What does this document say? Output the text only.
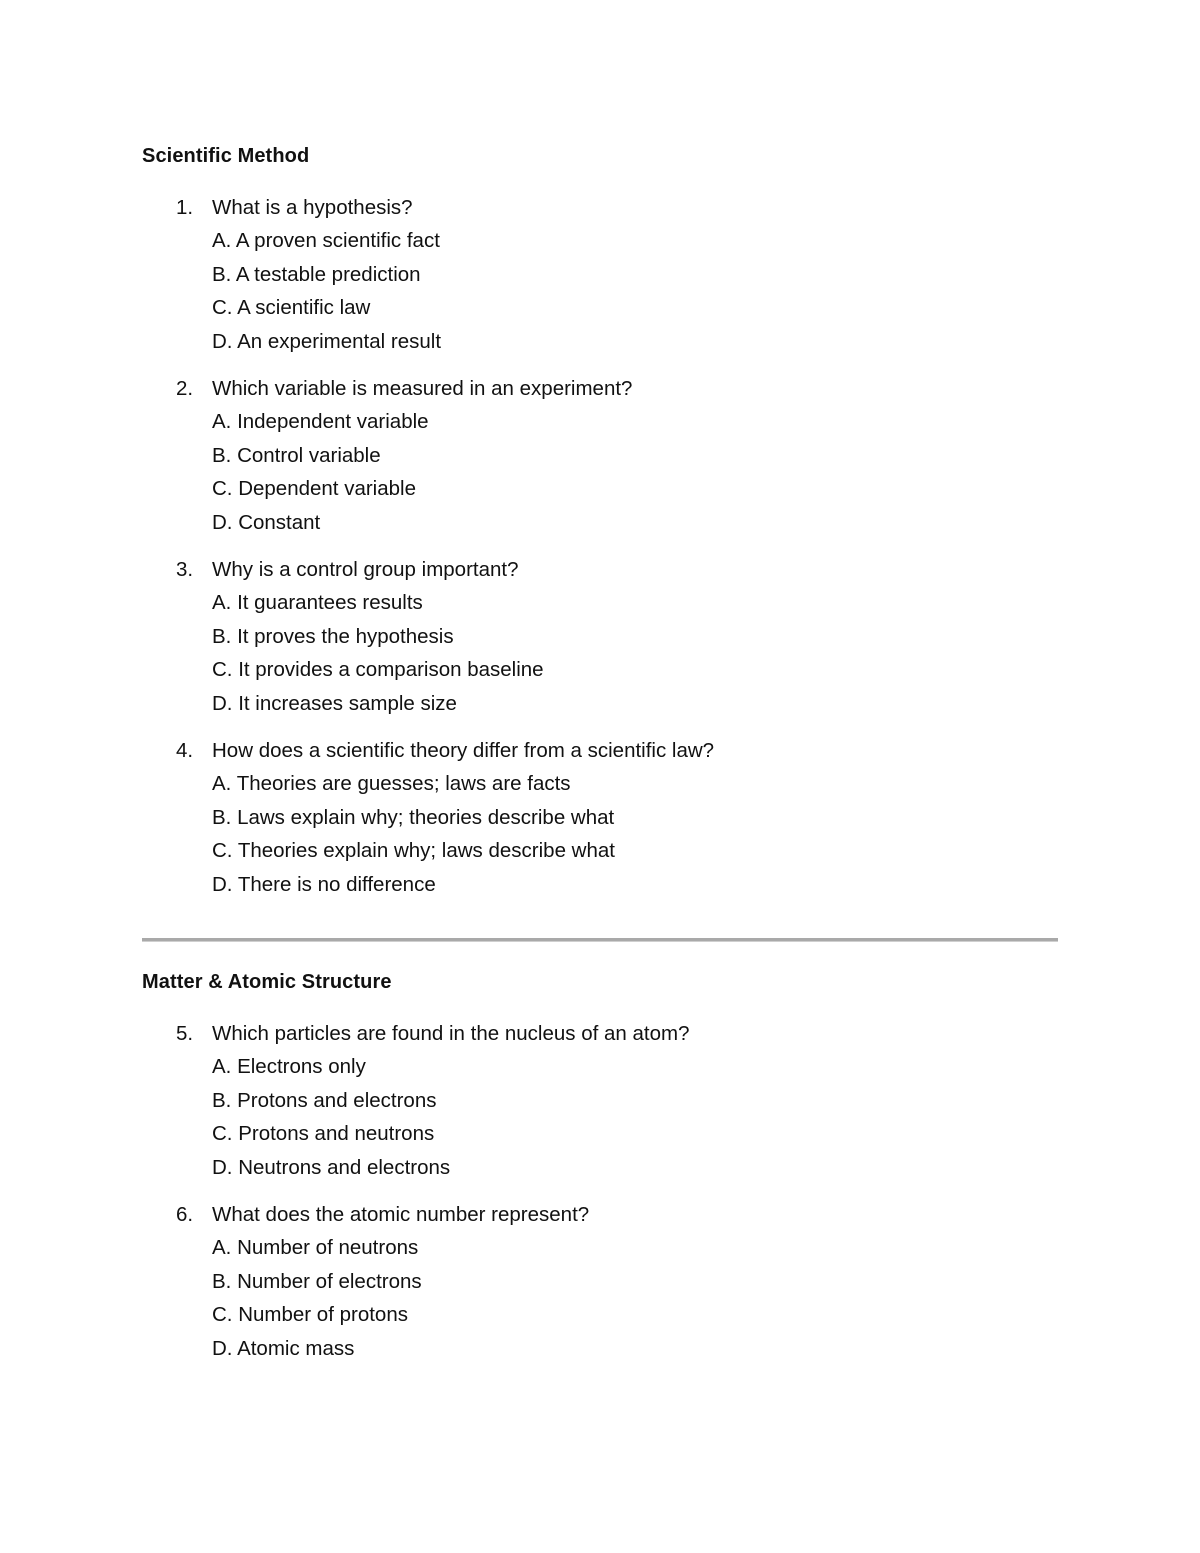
Scientific Method
1. What is a hypothesis?
A. A proven scientific fact
B. A testable prediction
C. A scientific law
D. An experimental result
2. Which variable is measured in an experiment?
A. Independent variable
B. Control variable
C. Dependent variable
D. Constant
3. Why is a control group important?
A. It guarantees results
B. It proves the hypothesis
C. It provides a comparison baseline
D. It increases sample size
4. How does a scientific theory differ from a scientific law?
A. Theories are guesses; laws are facts
B. Laws explain why; theories describe what
C. Theories explain why; laws describe what
D. There is no difference
Matter & Atomic Structure
5. Which particles are found in the nucleus of an atom?
A. Electrons only
B. Protons and electrons
C. Protons and neutrons
D. Neutrons and electrons
6. What does the atomic number represent?
A. Number of neutrons
B. Number of electrons
C. Number of protons
D. Atomic mass
